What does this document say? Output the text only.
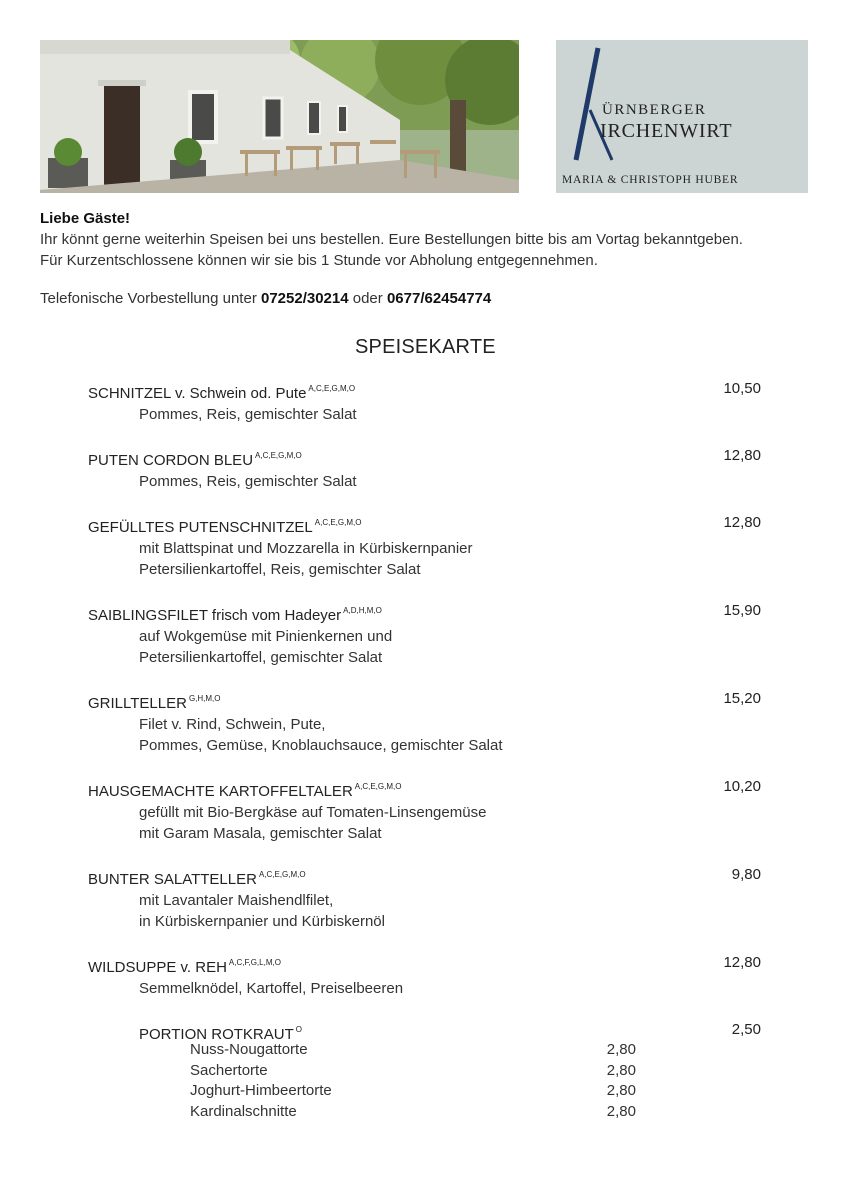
ÜRNBERGER
IRCHENWIRT
MARIA & CHRISTOPH HUBER
Liebe Gäste!
Ihr könnt gerne weiterhin Speisen bei uns bestellen. Eure Bestellungen bitte bis am Vortag bekanntgeben.
Für Kurzentschlossene können wir sie bis 1 Stunde vor Abholung entgegennehmen.
Telefonische Vorbestellung unter 07252/30214 oder 0677/62454774
SPEISEKARTE
SCHNITZEL v. Schwein od. Pute $^{A,C,E,G,M,O}$	10,50
Pommes, Reis, gemischter Salat
PUTEN CORDON BLEU $^{A,C,E,G,M,O}$	12,80
Pommes, Reis, gemischter Salat
GEFÜLLTES PUTENSCHNITZEL $^{A,C,E,G,M,O}$	12,80
mit Blattspinat und Mozzarella in Kürbiskernpanier
Petersilienkartoffel, Reis, gemischter Salat
SAIBLINGSFILET frisch vom Hadeyer $^{A,D,H,M,O}$	15,90
auf Wokgemüse mit Pinienkernen und
Petersilienkartoffel, gemischter Salat
GRILLTELLER $^{G,H,M,O}$	15,20
Filet v. Rind, Schwein, Pute,
Pommes, Gemüse, Knoblauchsauce, gemischter Salat
HAUSGEMACHTE KARTOFFELTALER $^{A,C,E,G,M,O}$	10,20
gefüllt mit Bio-Bergkäse auf Tomaten-Linsengemüse
mit Garam Masala, gemischter Salat
BUNTER SALATTELLER $^{A,C,E,G,M,O}$	9,80
mit Lavantaler Maishendlfilet,
in Kürbiskernpanier und Kürbiskernöl
WILDSUPPE v. REH $^{A,C,F,G,L,M,O}$	12,80
Semmelknödel, Kartoffel, Preiselbeeren
PORTION ROTKRAUT $^O$	2,50
Nuss-Nougattorte	2,80
Sachertorte	2,80
Joghurt-Himbeertorte	2,80
Kardinalschnitte	2,80
